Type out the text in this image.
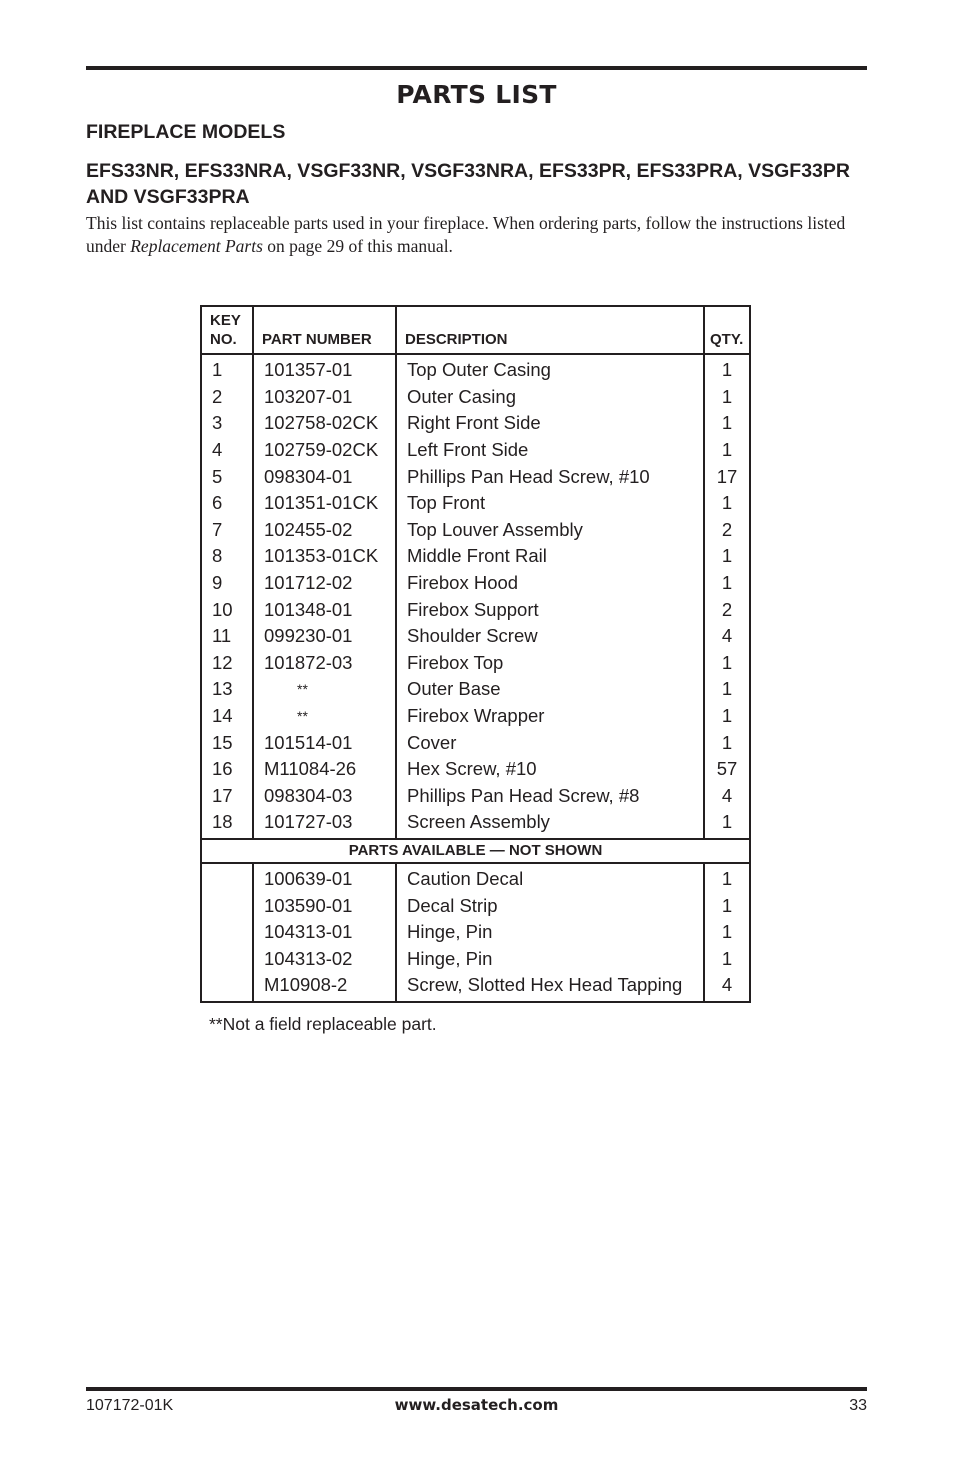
PARTS LIST
FIREPLACE MODELS
EFS33NR, EFS33NRA, VSGF33NR, VSGF33NRA, EFS33PR, EFS33PRA, VSGF33PR AND VSGF33PRA
This list contains replaceable parts used in your fireplace. When ordering parts, follow the instructions listed under Replacement Parts on page 29 of this manual.
KEY NO.	PART NUMBER	DESCRIPTION	QTY.
1	101357-01	Top Outer Casing	1
2	103207-01	Outer Casing	1
3	102758-02CK	Right Front Side	1
4	102759-02CK	Left Front Side	1
5	098304-01	Phillips Pan Head Screw, #10	17
6	101351-01CK	Top Front	1
7	102455-02	Top Louver Assembly	2
8	101353-01CK	Middle Front Rail	1
9	101712-02	Firebox Hood	1
10	101348-01	Firebox Support	2
11	099230-01	Shoulder Screw	4
12	101872-03	Firebox Top	1
13	**	Outer Base	1
14	**	Firebox Wrapper	1
15	101514-01	Cover	1
16	M11084-26	Hex Screw, #10	57
17	098304-03	Phillips Pan Head Screw, #8	4
18	101727-03	Screen Assembly	1
PARTS AVAILABLE — NOT SHOWN			
	100639-01	Caution Decal	1
	103590-01	Decal Strip	1
	104313-01	Hinge, Pin	1
	104313-02	Hinge, Pin	1
	M10908-2	Screw, Slotted Hex Head Tapping	4
**Not a field replaceable part.
107172-01K	www.desatech.com	33
